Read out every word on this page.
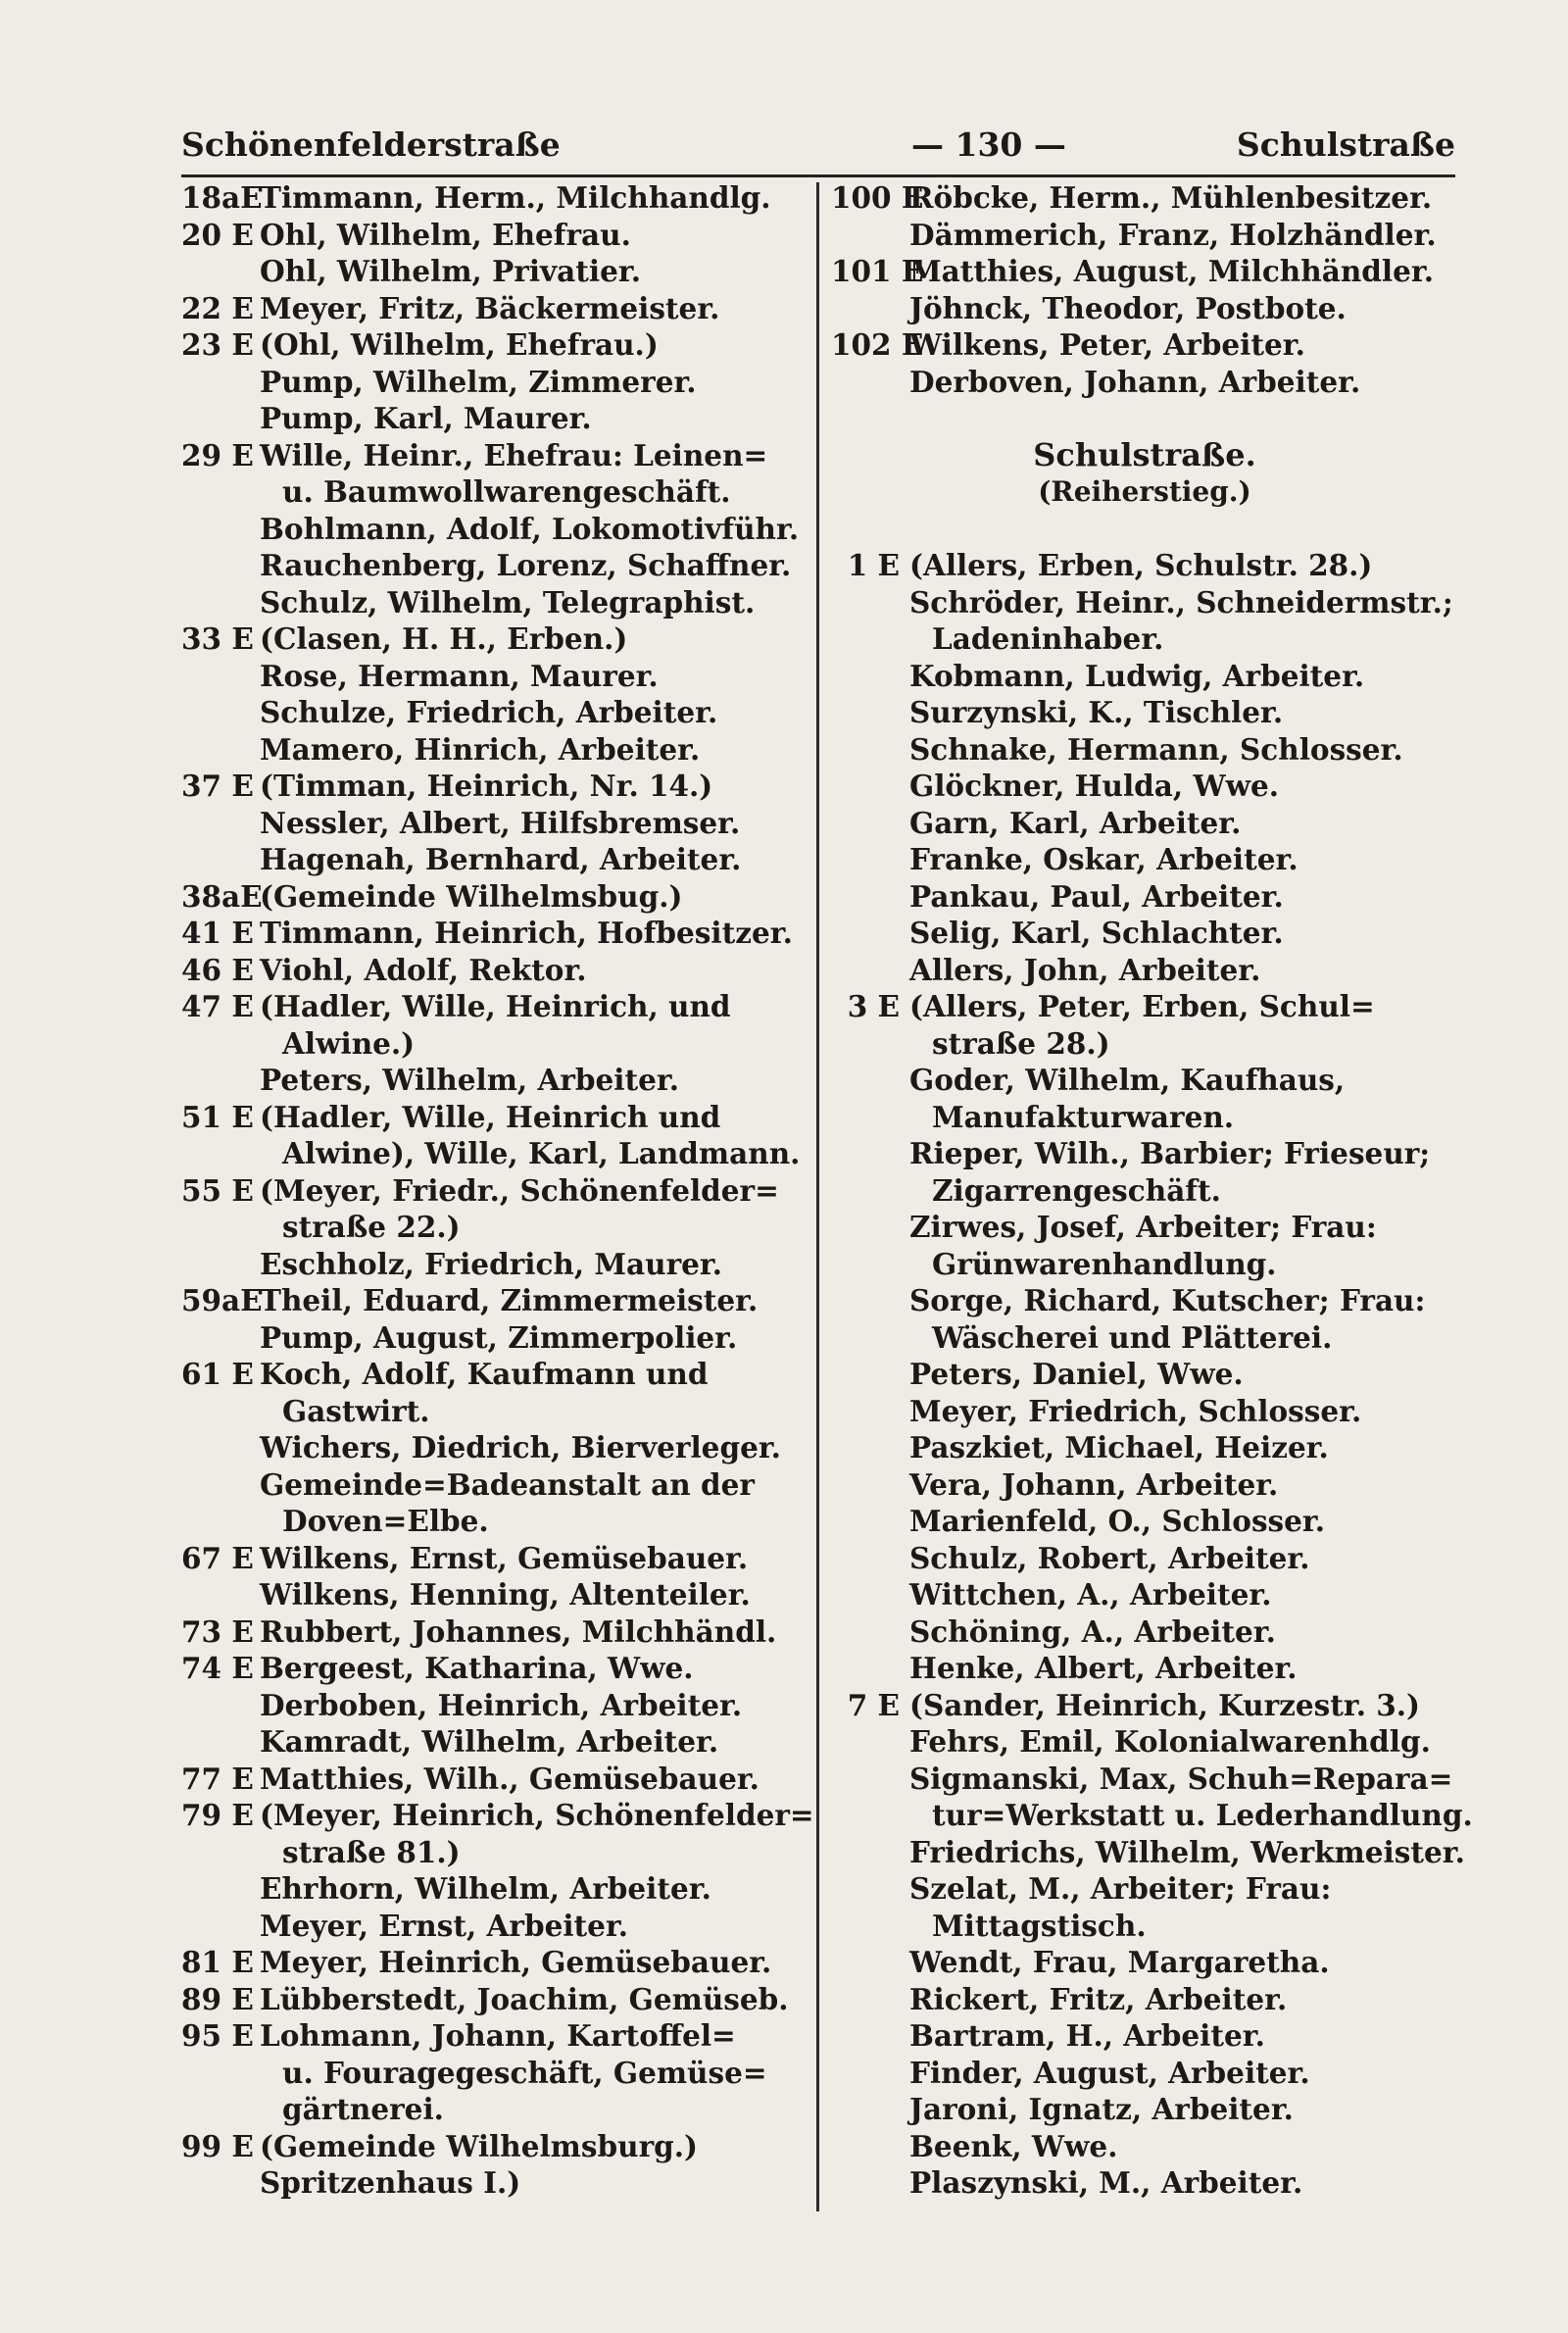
Schönenfelderstraße	— 130 —	Schulstraße
18aETimmann, Herm., Milchhandlg.
20 E Ohl, Wilhelm, Ehefrau.
Ohl, Wilhelm, Privatier.
22 E Meyer, Fritz, Bäckermeister.
23 E (Ohl, Wilhelm, Ehefrau.)
Pump, Wilhelm, Zimmerer.
Pump, Karl, Maurer.
29 E Wille, Heinr., Ehefrau: Leinen=
u. Baumwollwarengeschäft.
Bohlmann, Adolf, Lokomotivführ.
Rauchenberg, Lorenz, Schaffner.
Schulz, Wilhelm, Telegraphist.
33 E (Clasen, H. H., Erben.)
Rose, Hermann, Maurer.
Schulze, Friedrich, Arbeiter.
Mamero, Hinrich, Arbeiter.
37 E (Timman, Heinrich, Nr. 14.)
Nessler, Albert, Hilfsbremser.
Hagenah, Bernhard, Arbeiter.
38aE(Gemeinde Wilhelmsbug.)
41 E Timmann, Heinrich, Hofbesitzer.
46 E Viohl, Adolf, Rektor.
47 E (Hadler, Wille, Heinrich, und
Alwine.)
Peters, Wilhelm, Arbeiter.
51 E (Hadler, Wille, Heinrich und
Alwine), Wille, Karl, Landmann.
55 E (Meyer, Friedr., Schönenfelder=
straße 22.)
Eschholz, Friedrich, Maurer.
59aETheil, Eduard, Zimmermeister.
Pump, August, Zimmerpolier.
61 E Koch, Adolf, Kaufmann und
Gastwirt.
Wichers, Diedrich, Bierverleger.
Gemeinde=Badeanstalt an der
Doven=Elbe.
67 E Wilkens, Ernst, Gemüsebauer.
Wilkens, Henning, Altenteiler.
73 E Rubbert, Johannes, Milchhändl.
74 E Bergeest, Katharina, Wwe.
Derboben, Heinrich, Arbeiter.
Kamradt, Wilhelm, Arbeiter.
77 E Matthies, Wilh., Gemüsebauer.
79 E (Meyer, Heinrich, Schönenfelder=
straße 81.)
Ehrhorn, Wilhelm, Arbeiter.
Meyer, Ernst, Arbeiter.
81 E Meyer, Heinrich, Gemüsebauer.
89 E Lübberstedt, Joachim, Gemüseb.
95 E Lohmann, Johann, Kartoffel=
u. Fouragegeschäft, Gemüse=
gärtnerei.
99 E (Gemeinde Wilhelmsburg.)
Spritzenhaus I.)
100 ERöbcke, Herm., Mühlenbesitzer.
Dämmerich, Franz, Holzhändler.
101 EMatthies, August, Milchhändler.
Jöhnck, Theodor, Postbote.
102 EWilkens, Peter, Arbeiter.
Derboven, Johann, Arbeiter.
Schulstraße.
(Reiherstieg.)
1 E (Allers, Erben, Schulstr. 28.)
Schröder, Heinr., Schneidermstr.;
Ladeninhaber.
Kobmann, Ludwig, Arbeiter.
Surzynski, K., Tischler.
Schnake, Hermann, Schlosser.
Glöckner, Hulda, Wwe.
Garn, Karl, Arbeiter.
Franke, Oskar, Arbeiter.
Pankau, Paul, Arbeiter.
Selig, Karl, Schlachter.
Allers, John, Arbeiter.
3 E (Allers, Peter, Erben, Schul=
straße 28.)
Goder, Wilhelm, Kaufhaus,
Manufakturwaren.
Rieper, Wilh., Barbier; Frieseur;
Zigarrengeschäft.
Zirwes, Josef, Arbeiter; Frau:
Grünwarenhandlung.
Sorge, Richard, Kutscher; Frau:
Wäscherei und Plätterei.
Peters, Daniel, Wwe.
Meyer, Friedrich, Schlosser.
Paszkiet, Michael, Heizer.
Vera, Johann, Arbeiter.
Marienfeld, O., Schlosser.
Schulz, Robert, Arbeiter.
Wittchen, A., Arbeiter.
Schöning, A., Arbeiter.
Henke, Albert, Arbeiter.
7 E (Sander, Heinrich, Kurzestr. 3.)
Fehrs, Emil, Kolonialwarenhdlg.
Sigmanski, Max, Schuh=Repara=
tur=Werkstatt u. Lederhandlung.
Friedrichs, Wilhelm, Werkmeister.
Szelat, M., Arbeiter; Frau:
Mittagstisch.
Wendt, Frau, Margaretha.
Rickert, Fritz, Arbeiter.
Bartram, H., Arbeiter.
Finder, August, Arbeiter.
Jaroni, Ignatz, Arbeiter.
Beenk, Wwe.
Plaszynski, M., Arbeiter.
